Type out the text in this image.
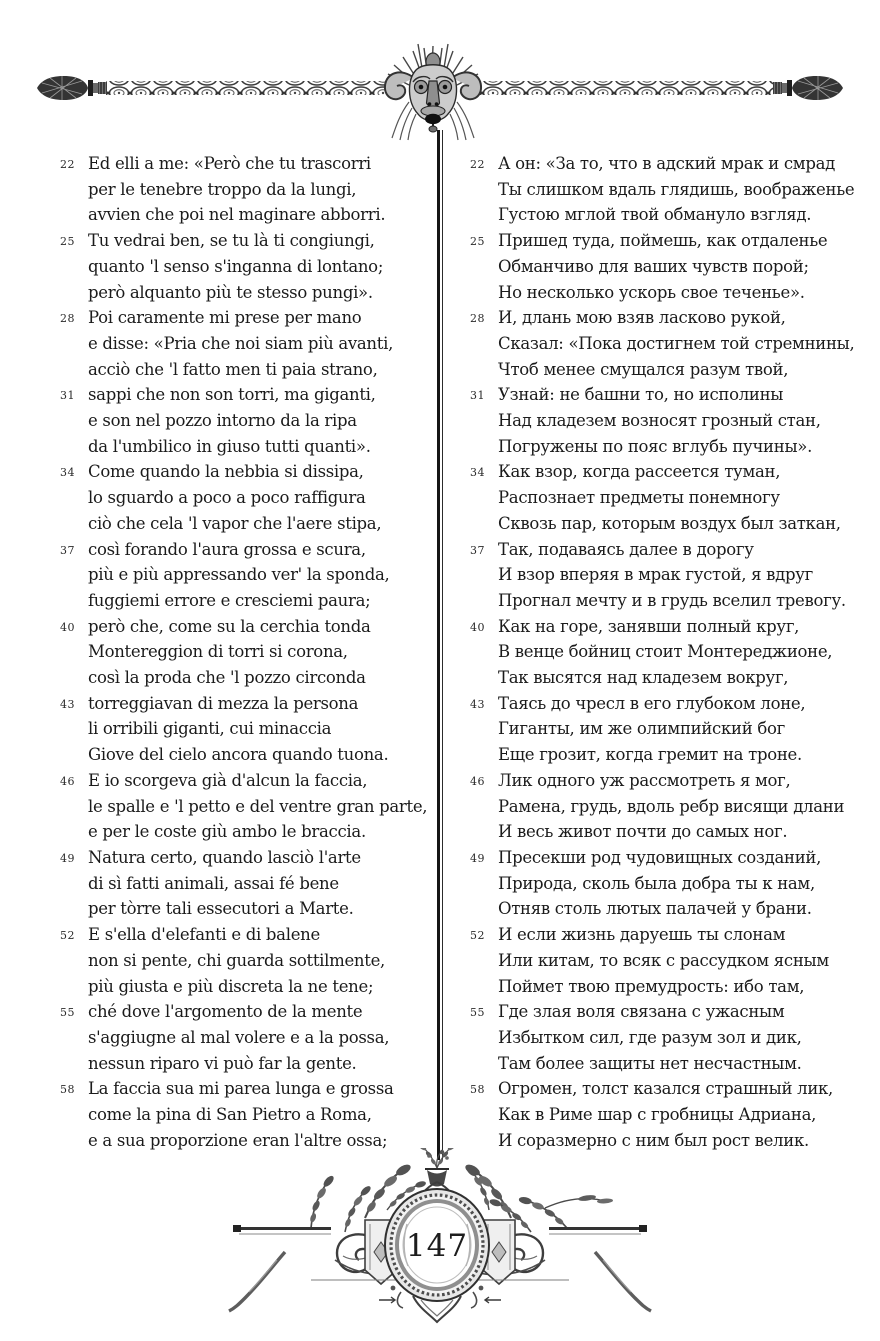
22 Ed elli a me: «Però che tu trascorri
per le tenebre troppo da la lungi,
avvien che poi nel maginare abborri.
25 Tu vedrai ben, se tu là ti congiungi,
quanto 'l senso s'inganna di lontano;
però alquanto più te stesso pungi».
28 Poi caramente mi prese per mano
e disse: «Pria che noi siam più avanti,
acciò che 'l fatto men ti paia strano,
31 sappi che non son torri, ma giganti,
e son nel pozzo intorno da la ripa
da l'umbilico in giuso tutti quanti».
34 Come quando la nebbia si dissipa,
lo sguardo a poco a poco raffigura
ciò che cela 'l vapor che l'aere stipa,
37 così forando l'aura grossa e scura,
più e più appressando ver' la sponda,
fuggiemi errore e cresciemi paura;
40 però che, come su la cerchia tonda
Montereggion di torri si corona,
così la proda che 'l pozzo circonda
43 torreggiavan di mezza la persona
li orribili giganti, cui minaccia
Giove del cielo ancora quando tuona.
46 E io scorgeva già d'alcun la faccia,
le spalle e 'l petto e del ventre gran parte,
e per le coste giù ambo le braccia.
49 Natura certo, quando lasciò l'arte
di sì fatti animali, assai fé bene
per tòrre tali essecutori a Marte.
52 E s'ella d'elefanti e di balene
non si pente, chi guarda sottilmente,
più giusta e più discreta la ne tene;
55 ché dove l'argomento de la mente
s'aggiugne al mal volere e a la possa,
nessun riparo vi può far la gente.
58 La faccia sua mi parea lunga e grossa
come la pina di San Pietro a Roma,
e a sua proporzione eran l'altre ossa;
22 А он: «За то, что в адский мрак и смрад
Ты слишком вдаль глядишь, воображенье
Густою мглой твой обмануло взгляд.
25 Пришед туда, поймешь, как отдаленье
Обманчиво для ваших чувств порой;
Но несколько ускорь свое теченье».
28 И, длань мою взяв ласково рукой,
Сказал: «Пока достигнем той стремнины,
Чтоб менее смущался разум твой,
31 Узнай: не башни то, но исполины
Над кладезем возносят грозный стан,
Погружены по пояс вглубь пучины».
34 Как взор, когда рассеется туман,
Распознает предметы понемногу
Сквозь пар, которым воздух был заткан,
37 Так, подаваясь далее в дорогу
И взор вперяя в мрак густой, я вдруг
Прогнал мечту и в грудь вселил тревогу.
40 Как на горе, занявши полный круг,
В венце бойниц стоит Монтереджионе,
Так высятся над кладезем вокруг,
43 Таясь до чресл в его глубоком лоне,
Гиганты, им же олимпийский бог
Еще грозит, когда гремит на троне.
46 Лик одного уж рассмотреть я мог,
Рамена, грудь, вдоль ребр висящи длани
И весь живот почти до самых ног.
49 Пресекши род чудовищных созданий,
Природа, сколь была добра ты к нам,
Отняв столь лютых палачей у брани.
52 И если жизнь даруешь ты слонам
Или китам, то всяк с рассудком ясным
Поймет твою премудрость: ибо там,
55 Где злая воля связана с ужасным
Избытком сил, где разум зол и дик,
Там более защиты нет несчастным.
58 Огромен, толст казался страшный лик,
Как в Риме шар с гробницы Адриана,
И соразмерно с ним был рост велик.
147
